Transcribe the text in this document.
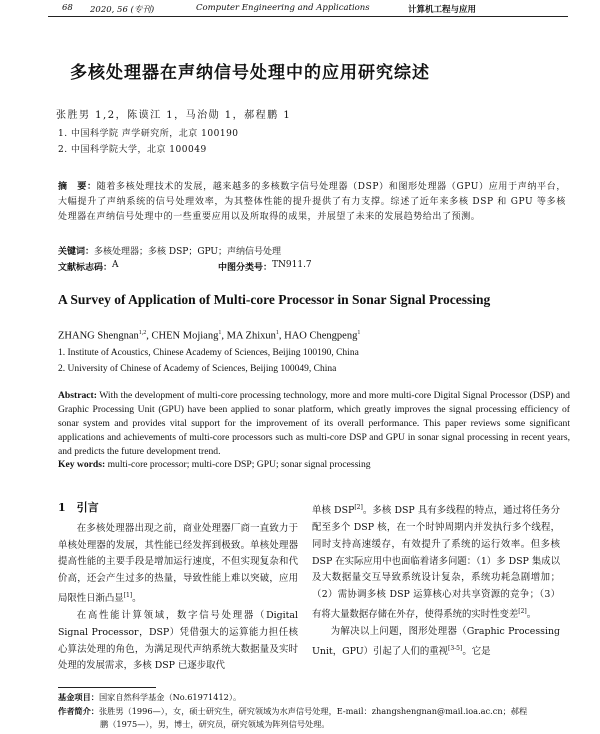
68 2020, 56 (专刊)	Computer Engineering and Applications	计算机工程与应用
多核处理器在声纳信号处理中的应用研究综述
张胜男 1,2，陈谟江 1，马治勋 1，郝程鹏 1
1. 中国科学院 声学研究所，北京 100190
2. 中国科学院大学，北京 100049
摘　要：随着多核处理技术的发展，越来越多的多核数字信号处理器（DSP）和图形处理器（GPU）应用于声纳平台，大幅提升了声纳系统的信号处理效率，为其整体性能的提升提供了有力支撑。综述了近年来多核 DSP 和 GPU 等多核处理器在声纳信号处理中的一些重要应用以及所取得的成果，并展望了未来的发展趋势给出了预测。
关键词：多核处理器；多核 DSP；GPU；声纳信号处理
文献标志码： A	中图分类号： TN911.7
A Survey of Application of Multi-core Processor in Sonar Signal Processing
ZHANG Shengnan$^{1,2}$, CHEN Mojiang$^1$, MA Zhixun$^1$, HAO Chengpeng$^1$
1. Institute of Acoustics, Chinese Academy of Sciences, Beijing 100190, China
2. University of Chinese of Academy of Sciences, Beijing 100049, China
Abstract: With the development of multi-core processing technology, more and more multi-core Digital Signal Processor (DSP) and Graphic Processing Unit (GPU) have been applied to sonar platform, which greatly improves the signal processing efficiency of sonar system and provides vital support for the improvement of its overall performance. This paper reviews some significant applications and achievements of multi-core processors such as multi-core DSP and GPU in sonar signal processing in recent years, and predicts the future development trend.
Key words: multi-core processor; multi-core DSP; GPU; sonar signal processing
1　引言
在多核处理器出现之前，商业处理器厂商一直致力于单核处理器的发展，其性能已经发挥到极致。单核处理器提高性能的主要手段是增加运行速度，不但实现复杂和代价高，还会产生过多的热量，导致性能上难以突破，应用局限性日渐凸显[1]。
在高性能计算领域，数字信号处理器（Digital Signal Processor，DSP）凭借强大的运算能力担任核心算法处理的角色，为满足现代声纳系统大数据量及实时处理的发展需求，多核 DSP 已逐步取代
单核 DSP[2]。多核 DSP 具有多线程的特点，通过将任务分配至多个 DSP 核，在一个时钟周期内并发执行多个线程，同时支持高速缓存，有效提升了系统的运行效率。但多核 DSP 在实际应用中也面临着诸多问题：（1）多 DSP 集成以及大数据量交互导致系统设计复杂，系统功耗急剧增加；（2）需协调多核 DSP 运算核心对共享资源的竞争；（3）有将大量数据存储在外存，使得系统的实时性变差[2]。
为解决以上问题，图形处理器（Graphic Processing Unit，GPU）引起了人们的重视[3-5]。它是
基金项目：国家自然科学基金（No.61971412）。
作者简介：张胜男（1996—），女，硕士研究生，研究领域为水声信号处理，E-mail：zhangshengnan@mail.ioa.ac.cn；郝程
鹏（1975—），男，博士，研究员，研究领域为阵列信号处理。
